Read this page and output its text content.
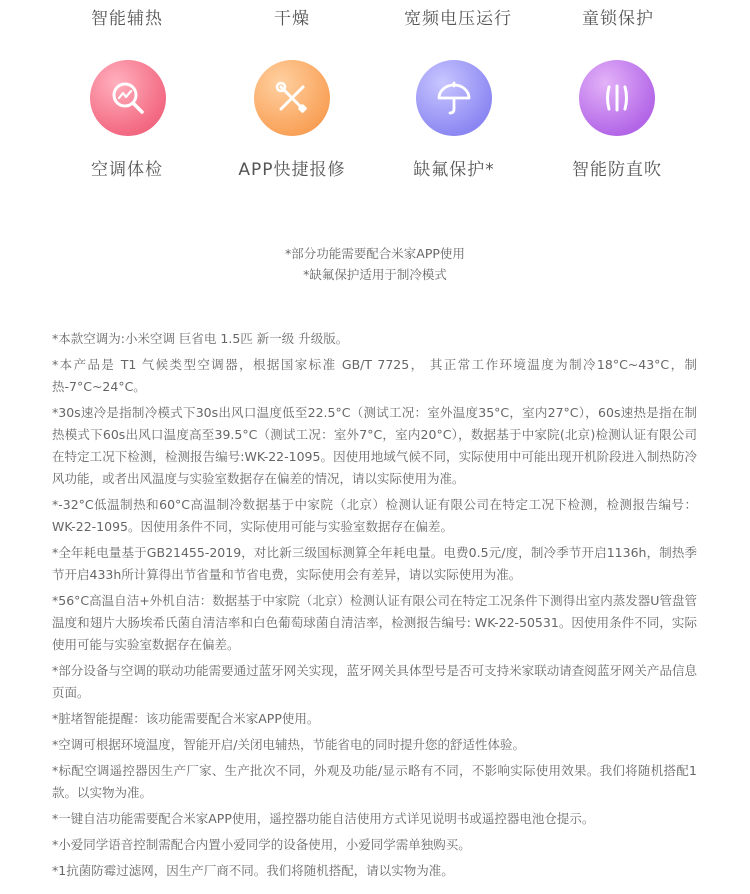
智能辅热	干燥	宽频电压运行	童锁保护
空调体检	APP快捷报修	缺氟保护*	智能防直吹
*部分功能需要配合米家APP使用
*缺氟保护适用于制冷模式

*本款空调为:小米空调 巨省电 1.5匹 新一级 升级版。

*本产品是 T1 气候类型空调器，根据国家标准 GB/T 7725， 其正常工作环境温度为制冷18°C~43°C，制热-7°C~24°C。

*30s速冷是指制冷模式下30s出风口温度低至22.5°C（测试工况：室外温度35°C，室内27°C），60s速热是指在制热模式下60s出风口温度高至39.5°C（测试工况：室外7°C，室内20°C），数据基于中家院(北京)检测认证有限公司在特定工况下检测，检测报告编号:WK-22-1095。因使用地域气候不同，实际使用中可能出现开机阶段进入制热防冷风功能，或者出风温度与实验室数据存在偏差的情况，请以实际使用为准。

*-32°C低温制热和60°C高温制冷数据基于中家院（北京）检测认证有限公司在特定工况下检测，检测报告编号：WK-22-1095。因使用条件不同，实际使用可能与实验室数据存在偏差。

*全年耗电量基于GB21455-2019，对比新三级国标测算全年耗电量。电费0.5元/度，制冷季节开启1136h，制热季节开启433h所计算得出节省量和节省电费，实际使用会有差异，请以实际使用为准。

*56°C高温自洁+外机自洁：数据基于中家院（北京）检测认证有限公司在特定工况条件下测得出室内蒸发器U管盘管温度和翅片大肠埃希氏菌自清洁率和白色葡萄球菌自清洁率，检测报告编号: WK-22-50531。因使用条件不同，实际使用可能与实验室数据存在偏差。

*部分设备与空调的联动功能需要通过蓝牙网关实现，蓝牙网关具体型号是否可支持米家联动请查阅蓝牙网关产品信息页面。

*脏堵智能提醒：该功能需要配合米家APP使用。

*空调可根据环境温度，智能开启/关闭电辅热，节能省电的同时提升您的舒适性体验。

*标配空调遥控器因生产厂家、生产批次不同，外观及功能/显示略有不同，不影响实际使用效果。我们将随机搭配1款。以实物为准。

*一键自洁功能需要配合米家APP使用，遥控器功能自洁使用方式详见说明书或遥控器电池仓提示。

*小爱同学语音控制需配合内置小爱同学的设备使用，小爱同学需单独购买。

*1抗菌防霉过滤网，因生产厂商不同。我们将随机搭配，请以实物为准。
